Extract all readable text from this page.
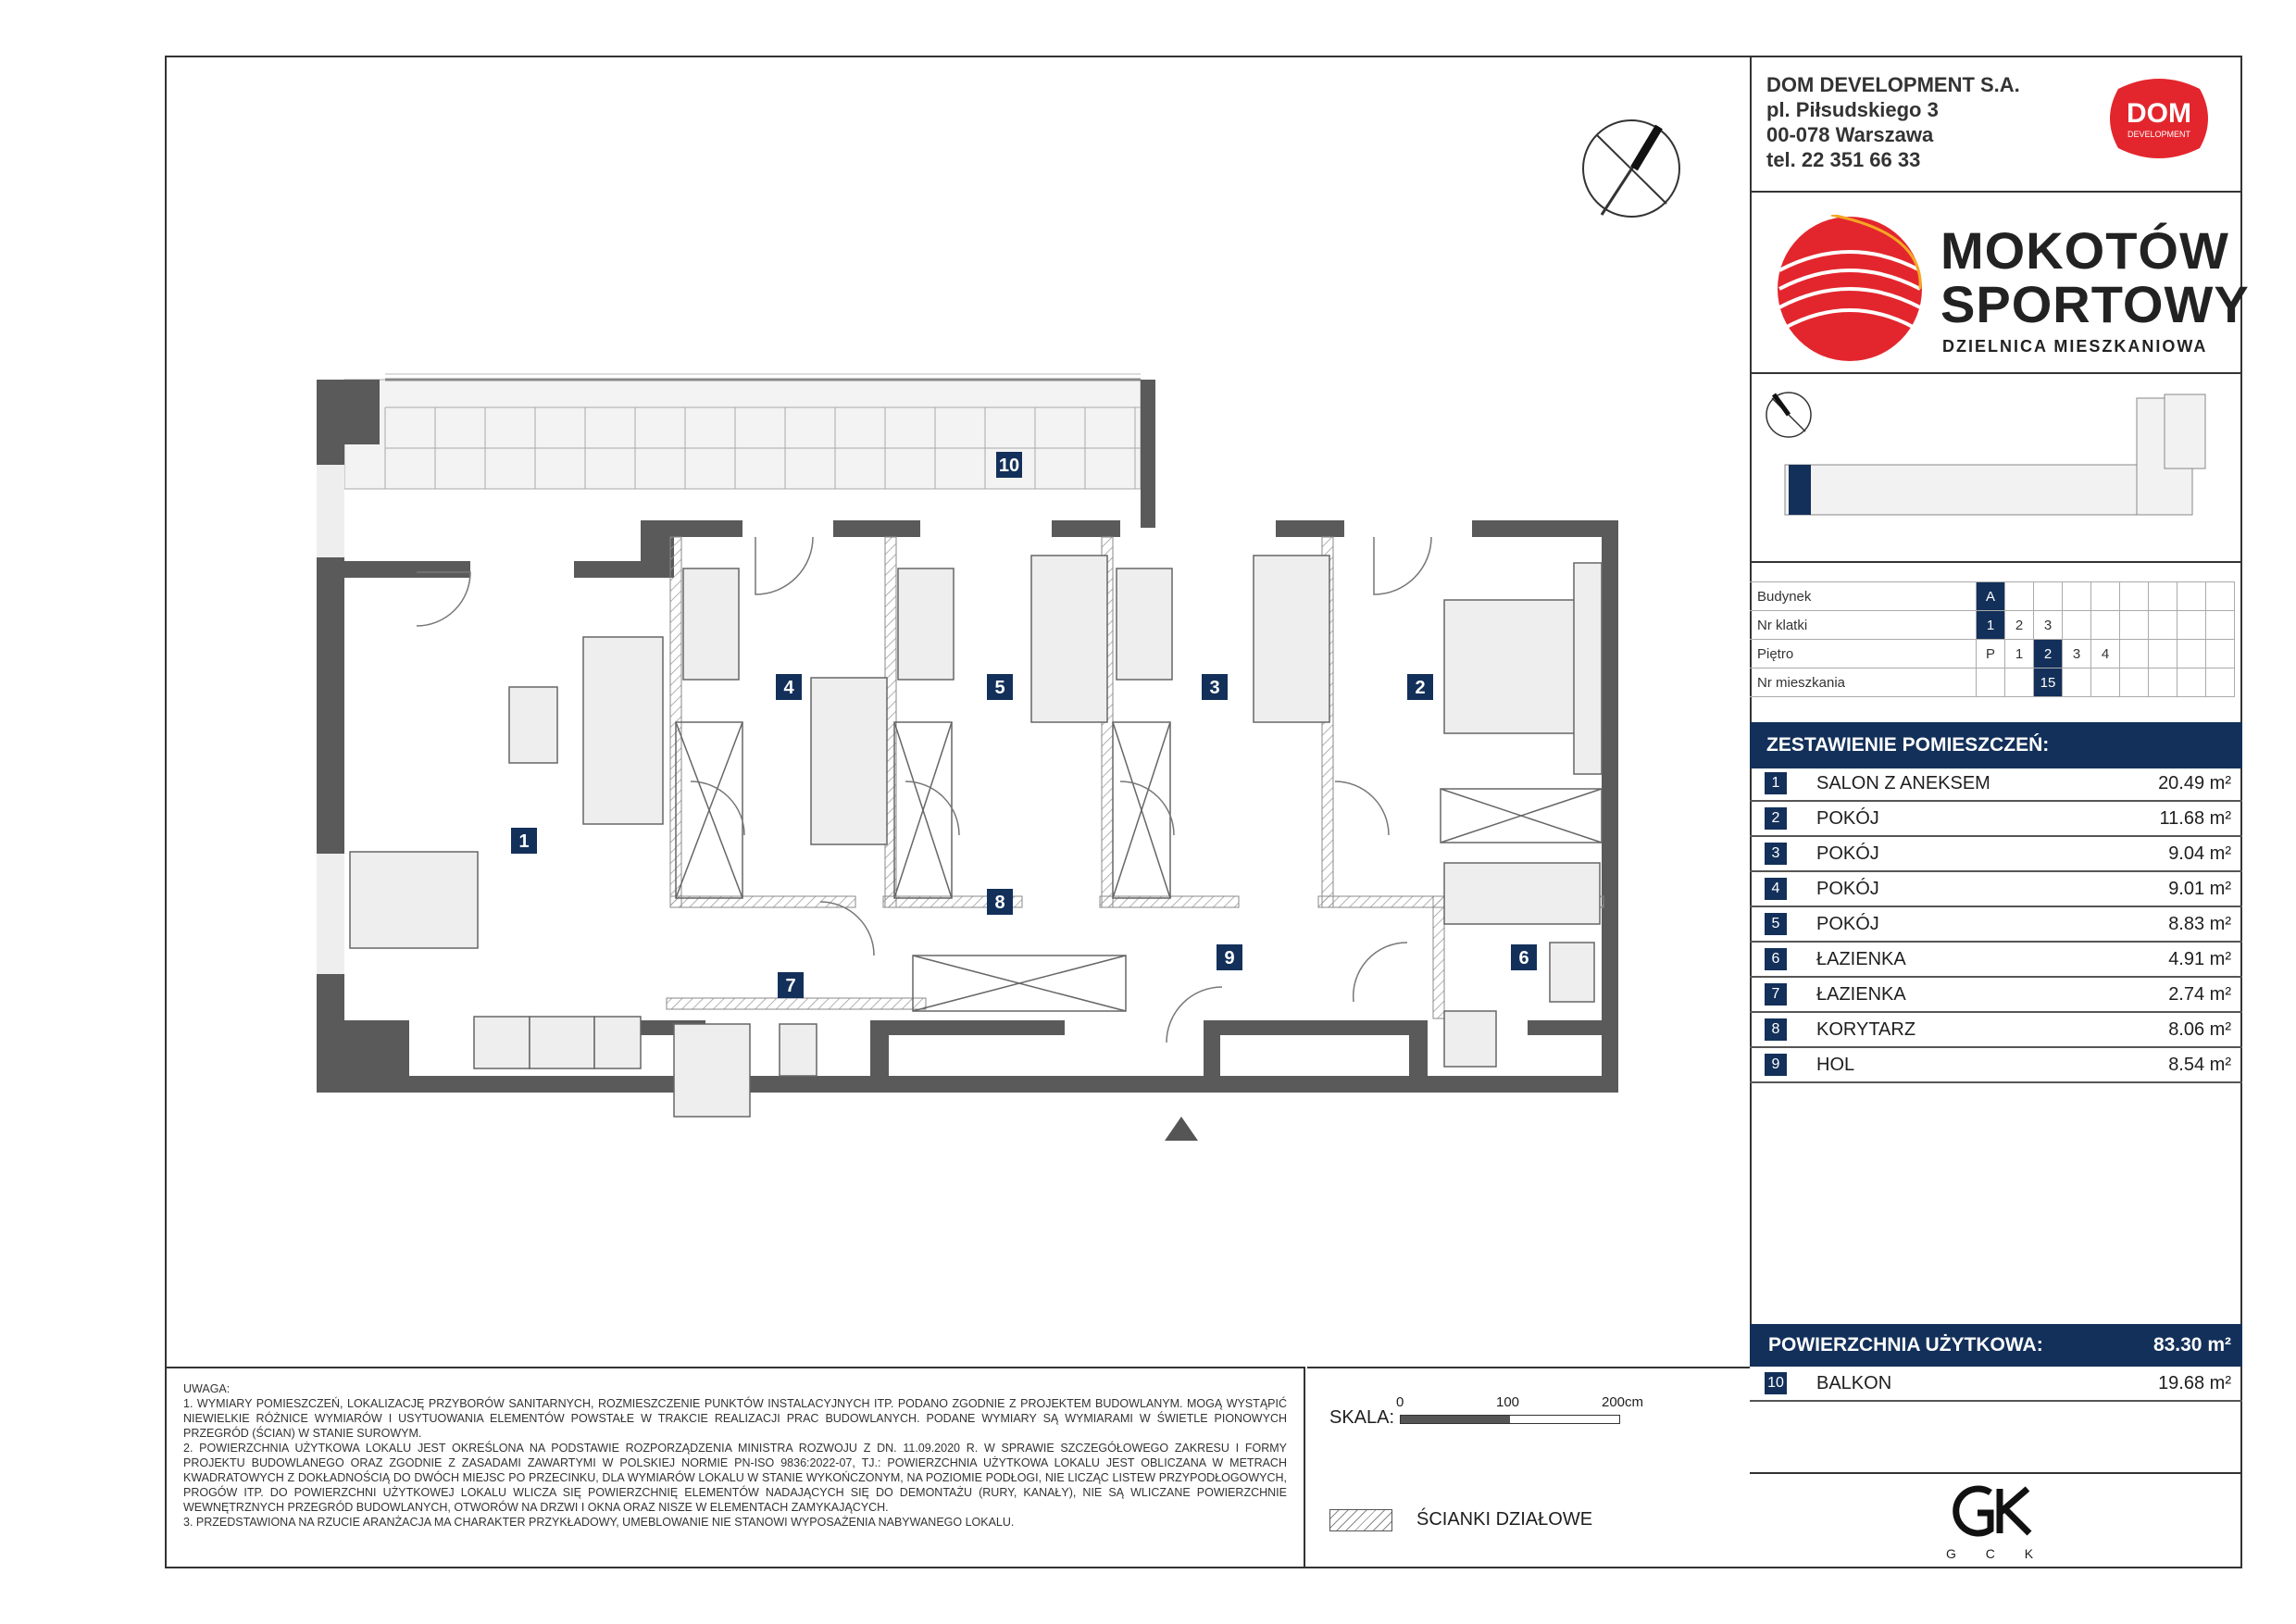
10
1
4	5	3	2
8
7
9	6

UWAGA:

1. WYMIARY POMIESZCZEŃ, LOKALIZACJĘ PRZYBORÓW SANITARNYCH, ROZMIESZCZENIE PUNKTÓW INSTALACYJNYCH ITP. PODANO ZGODNIE Z PROJEKTEM BUDOWLANYM. MOGĄ WYSTĄPIĆ NIEWIELKIE RÓŻNICE WYMIARÓW I USYTUOWANIA ELEMENTÓW POWSTAŁE W TRAKCIE REALIZACJI PRAC BUDOWLANYCH. PODANE WYMIARY SĄ WYMIARAMI W ŚWIETLE PIONOWYCH PRZEGRÓD (ŚCIAN) W STANIE SUROWYM.

2. POWIERZCHNIA UŻYTKOWA LOKALU JEST OKREŚLONA NA PODSTAWIE ROZPORZĄDZENIA MINISTRA ROZWOJU Z DN. 11.09.2020 R. W SPRAWIE SZCZEGÓŁOWEGO ZAKRESU I FORMY PROJEKTU BUDOWLANEGO ORAZ ZGODNIE Z ZASADAMI ZAWARTYMI W POLSKIEJ NORMIE PN-ISO 9836:2022-07, TJ.: POWIERZCHNIA UŻYTKOWA LOKALU JEST OBLICZANA W METRACH KWADRATOWYCH Z DOKŁADNOŚCIĄ DO DWÓCH MIEJSC PO PRZECINKU, DLA WYMIARÓW LOKALU W STANIE WYKOŃCZONYM, NA POZIOMIE PODŁOGI, NIE LICZĄC LISTEW PRZYPODŁOGOWYCH, PROGÓW ITP. DO POWIERZCHNI UŻYTKOWEJ LOKALU WLICZA SIĘ POWIERZCHNIĘ ELEMENTÓW NADAJĄCYCH SIĘ DO DEMONTAŻU (RURY, KANAŁY), NIE SĄ WLICZANE POWIERZCHNIE WEWNĘTRZNYCH PRZEGRÓD BUDOWLANYCH, OTWORÓW NA DRZWI I OKNA ORAZ NISZE W ELEMENTACH ZAMYKAJĄCYCH.

3. PRZEDSTAWIONA NA RZUCIE ARANŻACJA MA CHARAKTER PRZYKŁADOWY, UMEBLOWANIE NIE STANOWI WYPOSAŻENIA NABYWANEGO LOKALU.

SKALA:
0	100	200cm
ŚCIANKI DZIAŁOWE
DOM DEVELOPMENT S.A.
pl. Piłsudskiego 3
00-078 Warszawa
tel. 22 351 66 33
DOM
DEVELOPMENT
MOKOTÓW
SPORTOWY
DZIELNICA MIESZKANIOWA
Budynek	A								
Nr klatki	1	2	3						
Piętro	P	1	2	3	4				
Nr mieszkania			15						
ZESTAWIENIE POMIESZCZEŃ:
1	SALON Z ANEKSEM	20.49 m²
2	POKÓJ	11.68 m²
3	POKÓJ	9.04 m²
4	POKÓJ	9.01 m²
5	POKÓJ	8.83 m²
6	ŁAZIENKA	4.91 m²
7	ŁAZIENKA	2.74 m²
8	KORYTARZ	8.06 m²
9	HOL	8.54 m²
POWIERZCHNIA UŻYTKOWA:	83.30 m²
10 BALKON	19.68 m²
G C K
